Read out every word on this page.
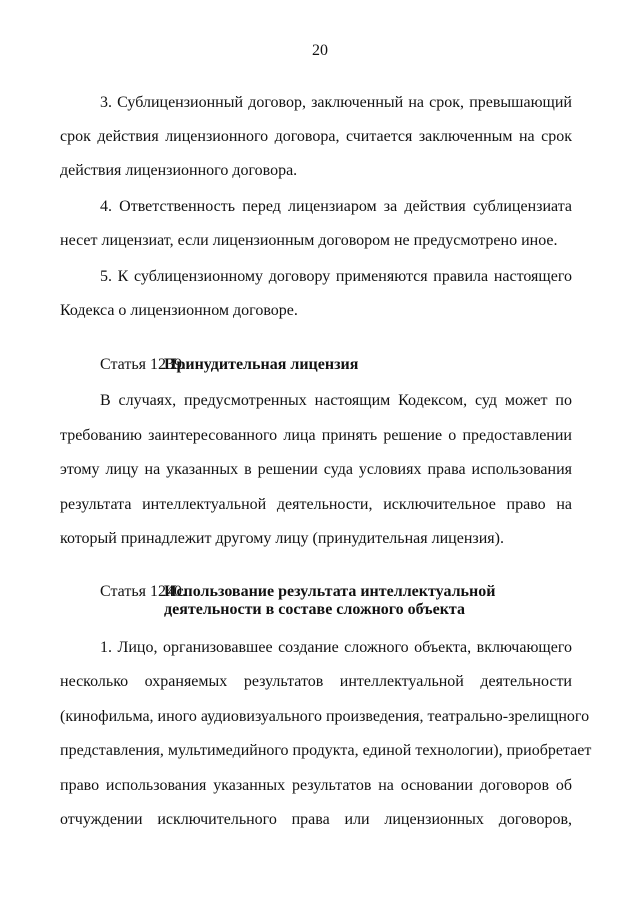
20
3. Сублицензионный договор, заключенный на срок, превышающий
срок действия лицензионного договора, считается заключенным на срок
действия лицензионного договора.
4. Ответственность перед лицензиаром за действия сублицензиата
несет лицензиат, если лицензионным договором не предусмотрено иное.
5. К сублицензионному договору применяются правила настоящего
Кодекса о лицензионном договоре.
Статья 1239.
Принудительная лицензия
В случаях, предусмотренных настоящим Кодексом, суд может по
требованию заинтересованного лица принять решение о предоставлении
этому лицу на указанных в решении суда условиях права использования
результата интеллектуальной деятельности, исключительное право на
который принадлежит другому лицу (принудительная лицензия).
Статья 1240.
Использование результата интеллектуальной
деятельности в составе сложного объекта
1. Лицо, организовавшее создание сложного объекта, включающего
несколько охраняемых результатов интеллектуальной деятельности
(кинофильма, иного аудиовизуального произведения, театрально-зрелищного
представления, мультимедийного продукта, единой технологии), приобретает
право использования указанных результатов на основании договоров об
отчуждении исключительного права или лицензионных договоров,
